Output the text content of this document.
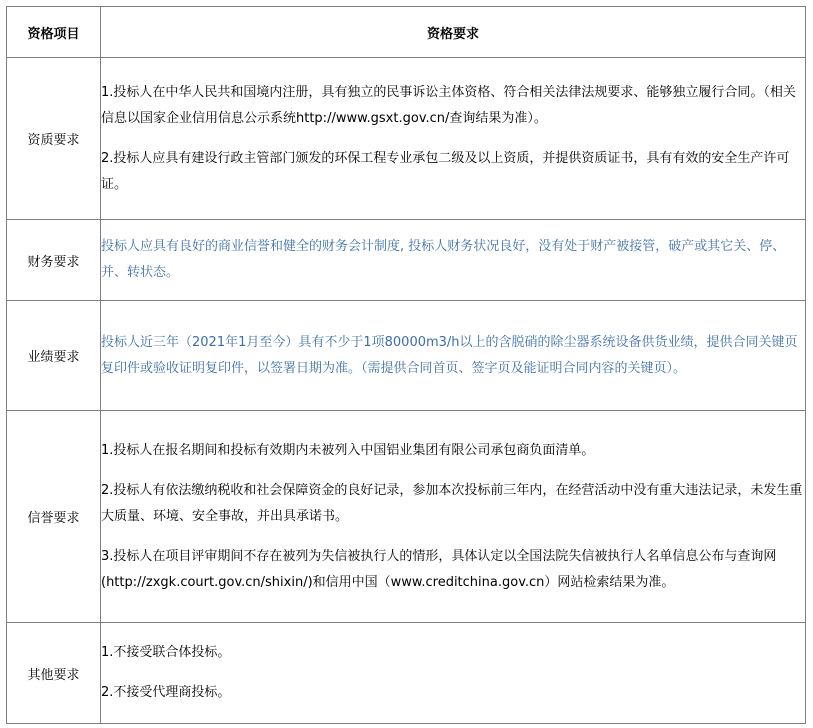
资格项目	资格要求
资质要求	1.投标人在中华人民共和国境内注册，具有独立的民事诉讼主体资格、符合相关法律法规要求、能够独立履行合同。（相关信息以国家企业信用信息公示系统http://www.gsxt.gov.cn/查询结果为准）。

2.投标人应具有建设行政主管部门颁发的环保工程专业承包二级及以上资质，并提供资质证书，具有有效的安全生产许可证。

财务要求	投标人应具有良好的商业信誉和健全的财务会计制度, 投标人财务状况良好，没有处于财产被接管，破产或其它关、停、并、转状态。

业绩要求	投标人近三年（2021年1月至今）具有不少于1项80000m3/h以上的含脱硝的除尘器系统设备供货业绩，提供合同关键页复印件或验收证明复印件，以签署日期为准。（需提供合同首页、签字页及能证明合同内容的关键页）。

信誉要求	1.投标人在报名期间和投标有效期内未被列入中国铝业集团有限公司承包商负面清单。

2.投标人有依法缴纳税收和社会保障资金的良好记录，参加本次投标前三年内，在经营活动中没有重大违法记录，未发生重大质量、环境、安全事故，并出具承诺书。

3.投标人在项目评审期间不存在被列为失信被执行人的情形，具体认定以全国法院失信被执行人名单信息公布与查询网(http://zxgk.court.gov.cn/shixin/)和信用中国（www.creditchina.gov.cn）网站检索结果为准。

其他要求	1.不接受联合体投标。

2.不接受代理商投标。
